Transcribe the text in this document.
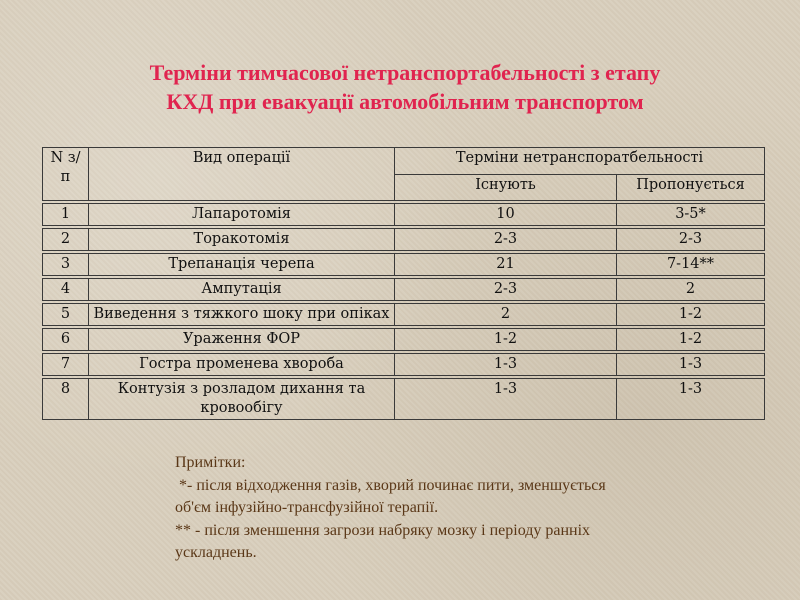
Терміни тимчасової нетранспортабельності з етапу
КХД при евакуації автомобільним транспортом
N з/п	Вид операції	Терміни нетранспоратбельності	
		Існують	Пропонується

1	Лапаротомія	10	3-5*

2	Торакотомія	2-3	2-3

3	Трепанація черепа	21	7-14**

4	Ампутація	2-3	2

5	Виведення з тяжкого шоку при опіках	2	1-2

6	Ураження ФОР	1-2	1-2

7	Гостра променева хвороба	1-3	1-3

8	Контузія з розладом дихання та кровообігу	1-3	1-3
Примітки:
*- після відходження газів, хворий починає пити, зменшується
об'єм інфузійно-трансфузійної терапії.
** - після зменшення загрози набряку мозку і періоду ранніх
ускладнень.
